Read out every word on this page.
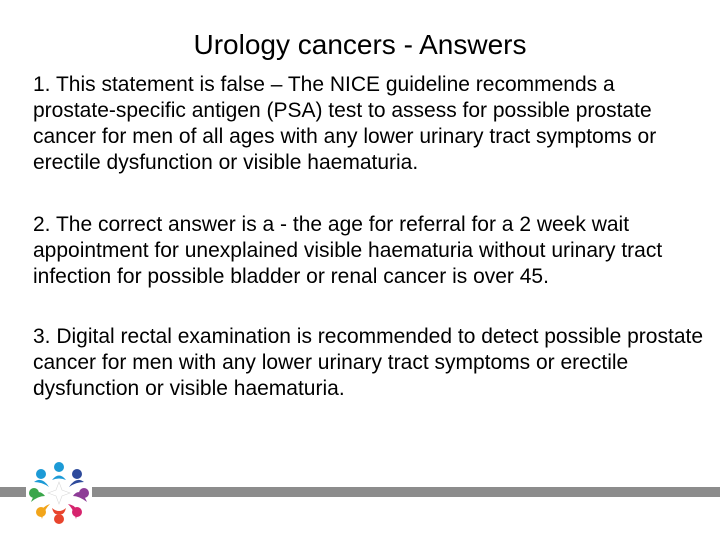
Urology cancers - Answers
1. This statement is false – The NICE guideline recommends a prostate‑specific antigen (PSA) test to assess for possible prostate cancer for men of all ages with any lower urinary tract symptoms or erectile dysfunction or visible haematuria.
2. The correct answer is a - the age for referral for a 2 week wait appointment for unexplained visible haematuria without urinary tract infection for possible bladder or renal cancer is over 45.
3. Digital rectal examination is recommended to detect possible prostate cancer for men with any lower urinary tract symptoms or erectile dysfunction or visible haematuria.
